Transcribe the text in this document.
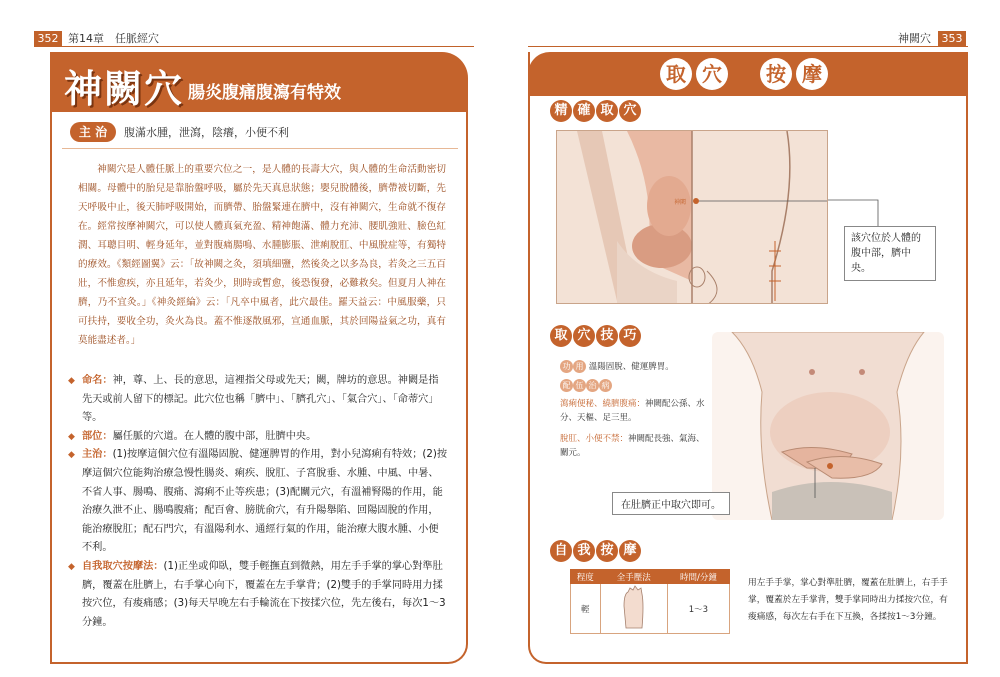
352 第14章　任脈經穴
神闕穴 腸炎腹痛腹瀉有特效
主 治	腹滿水腫，泄瀉，陰癢，小便不利

神闕穴是人體任脈上的重要穴位之一，是人體的長壽大穴，與人體的生命活動密切相關。母體中的胎兒是靠胎盤呼吸，屬於先天真息狀態；嬰兒脫體後，臍帶被切斷，先天呼吸中止，後天肺呼吸開始，而臍帶、胎盤緊連在臍中，沒有神闕穴，生命就不復存在。經常按摩神闕穴，可以使人體真氣充盈、精神飽滿、體力充沛、腰肌強壯、臉色紅潤、耳聰目明、輕身延年，並對腹痛腸鳴、水腫膨脹、泄痢脫肛、中風脫症等，有獨特的療效。《類經圖翼》云：「故神闕之灸，須填細鹽，然後灸之以多為良，若灸之三五百壯，不惟愈疾，亦且延年，若灸少，則時或暫愈，後恐復發，必難救矣。但夏月人神在臍，乃不宜灸。」《神灸經綸》云：「凡卒中風者，此穴最佳。羅天益云：中風服藥，只可扶持，要收全功，灸火為良。蓋不惟逐散風邪，宣通血脈，其於回陽益氣之功，真有莫能盡述者。」

◆ 命名：神，尊、上、長的意思，這裡指父母或先天；闕，牌坊的意思。神闕是指先天或前人留下的標記。此穴位也稱「臍中」、「臍孔穴」、「氣合穴」、「命蒂穴」等。
◆ 部位：屬任脈的穴道。在人體的腹中部，肚臍中央。
◆ 主治：(1)按摩這個穴位有溫陽固脫、健運脾胃的作用，對小兒瀉痢有特效；(2)按摩這個穴位能夠治療急慢性腸炎、痢疾、脫肛、子宮脫垂、水腫、中風、中暑、不省人事、腸鳴、腹痛、瀉痢不止等疾患；(3)配關元穴，有溫補腎陽的作用，能治療久泄不止、腸鳴腹痛；配百會、膀胱俞穴，有升陽舉陷、回陽固脫的作用，能治療脫肛；配石門穴，有溫陽利水、通經行氣的作用，能治療大腹水腫、小便不利。
◆ 自我取穴按摩法：(1)正坐或仰臥，雙手輕撫直到微熱，用左手手掌的掌心對準肚臍，覆蓋在肚臍上，右手掌心向下，覆蓋在左手掌背；(2)雙手的手掌同時用力揉按穴位，有痠痛感；(3)每天早晚左右手輪流在下按揉穴位，先左後右，每次1～3分鐘。
神闕穴 353
取 穴	按 摩
精 確 取 穴
神闕
該穴位於人體的腹中部，臍中央。
取 穴 技 巧
功 用 溫陽固脫、健運脾胃。
配 伍 治 病
瀉痢便秘、繞臍腹痛：神闕配公孫、水分、天樞、足三里。
脫肛、小便不禁：神闕配長強、氣海、關元。
在肚臍正中取穴即可。
自 我 按 摩
程度	全手壓法	時間/分鐘
輕		1～3
用左手手掌，掌心對準肚臍，覆蓋在肚臍上，右手手掌，覆蓋於左手掌背，雙手掌同時出力揉按穴位，有痠痛感，每次左右手在下互換，各揉按1～3分鐘。
